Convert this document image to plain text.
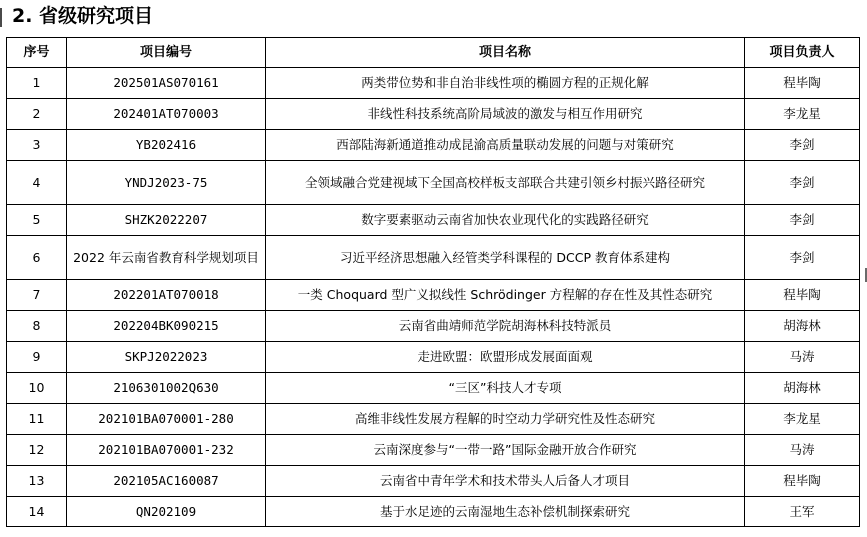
2. 省级研究项目
序号	项目编号	项目名称	项目负责人
1	202501AS070161	两类带位势和非自治非线性项的椭圆方程的正规化解	程毕陶
2	202401AT070003	非线性科技系统高阶局域波的激发与相互作用研究	李龙星
3	YB202416	西部陆海新通道推动成昆渝高质量联动发展的问题与对策研究	李剑
4	YNDJ2023-75	全领域融合党建视域下全国高校样板支部联合共建引领乡村振兴路径研究	李剑
5	SHZK2022207	数字要素驱动云南省加快农业现代化的实践路径研究	李剑
6	2022 年云南省教育科学规划项目	习近平经济思想融入经管类学科课程的 DCCP 教育体系建构	李剑
7	202201AT070018	一类 Choquard 型广义拟线性 Schrödinger 方程解的存在性及其性态研究	程毕陶
8	202204BK090215	云南省曲靖师范学院胡海林科技特派员	胡海林
9	SKPJ2022023	走进欧盟：欧盟形成发展面面观	马涛
10	2106301002Q630	“三区”科技人才专项	胡海林
11	202101BA070001-280	高维非线性发展方程解的时空动力学研究性及性态研究	李龙星
12	202101BA070001-232	云南深度参与“一带一路”国际金融开放合作研究	马涛
13	202105AC160087	云南省中青年学术和技术带头人后备人才项目	程毕陶
14	QN202109	基于水足迹的云南湿地生态补偿机制探索研究	王军
